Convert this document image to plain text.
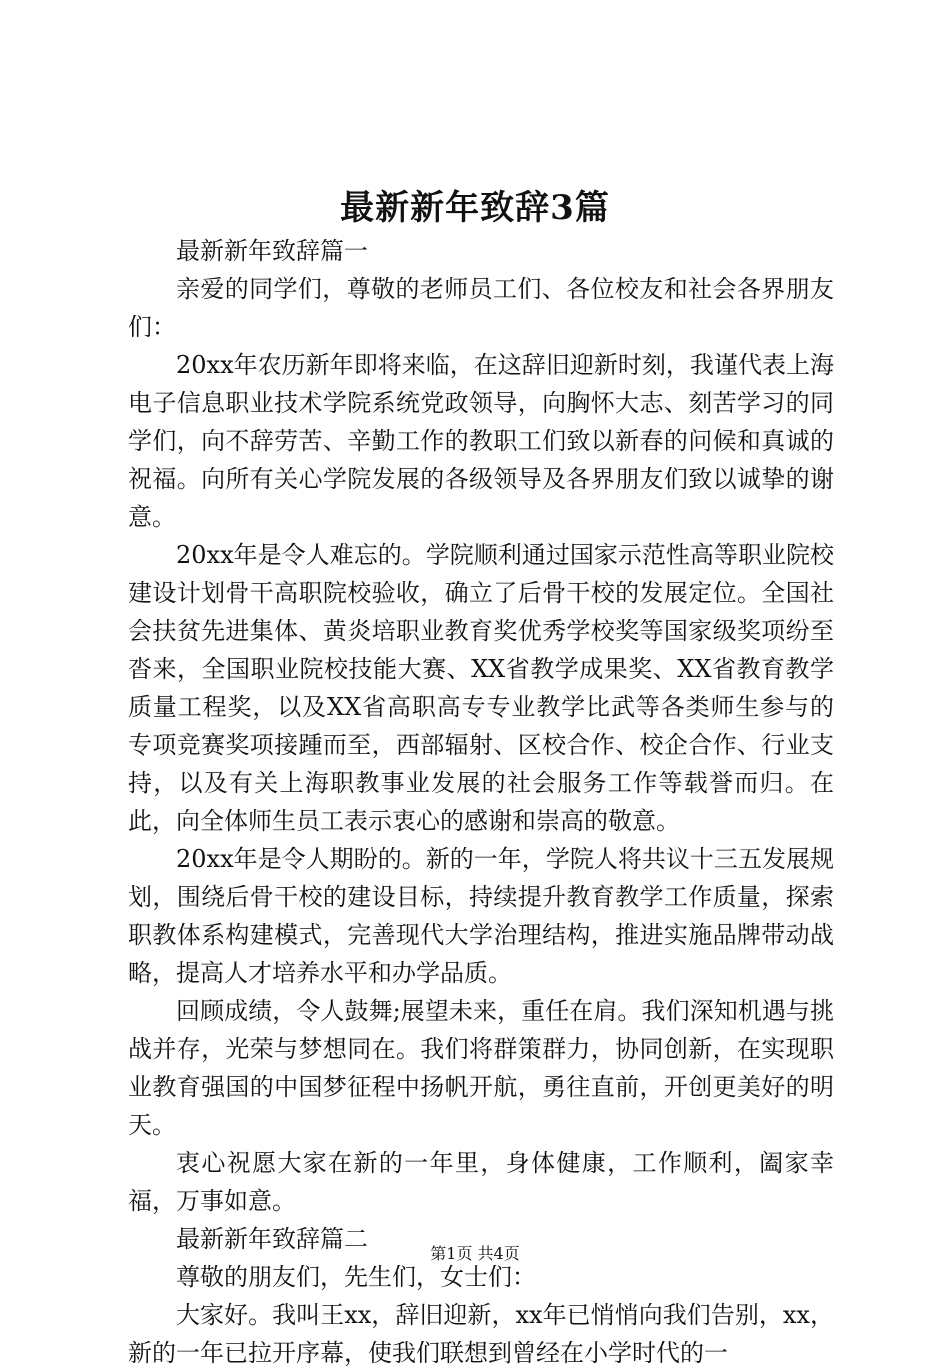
最新新年致辞3篇

最新新年致辞篇一

亲爱的同学们，尊敬的老师员工们、各位校友和社会各界朋友们：

20xx年农历新年即将来临，在这辞旧迎新时刻，我谨代表上海电子信息职业技术学院系统党政领导，向胸怀大志、刻苦学习的同学们，向不辞劳苦、辛勤工作的教职工们致以新春的问候和真诚的祝福。向所有关心学院发展的各级领导及各界朋友们致以诚挚的谢意。

20xx年是令人难忘的。学院顺利通过国家示范性高等职业院校建设计划骨干高职院校验收，确立了后骨干校的发展定位。全国社会扶贫先进集体、黄炎培职业教育奖优秀学校奖等国家级奖项纷至沓来，全国职业院校技能大赛、XX省教学成果奖、XX省教育教学质量工程奖，以及XX省高职高专专业教学比武等各类师生参与的专项竞赛奖项接踵而至，西部辐射、区校合作、校企合作、行业支持，以及有关上海职教事业发展的社会服务工作等载誉而归。在此，向全体师生员工表示衷心的感谢和崇高的敬意。

20xx年是令人期盼的。新的一年，学院人将共议十三五发展规划，围绕后骨干校的建设目标，持续提升教育教学工作质量，探索职教体系构建模式，完善现代大学治理结构，推进实施品牌带动战略，提高人才培养水平和办学品质。

回顾成绩，令人鼓舞;展望未来，重任在肩。我们深知机遇与挑战并存，光荣与梦想同在。我们将群策群力，协同创新，在实现职业教育强国的中国梦征程中扬帆开航，勇往直前，开创更美好的明天。

衷心祝愿大家在新的一年里，身体健康，工作顺利，阖家幸福，万事如意。

最新新年致辞篇二

尊敬的朋友们，先生们，女士们：

大家好。我叫王xx，辞旧迎新，xx年已悄悄向我们告别，xx，新的一年已拉开序幕，使我们联想到曾经在小学时代的一

第1页 共4页
